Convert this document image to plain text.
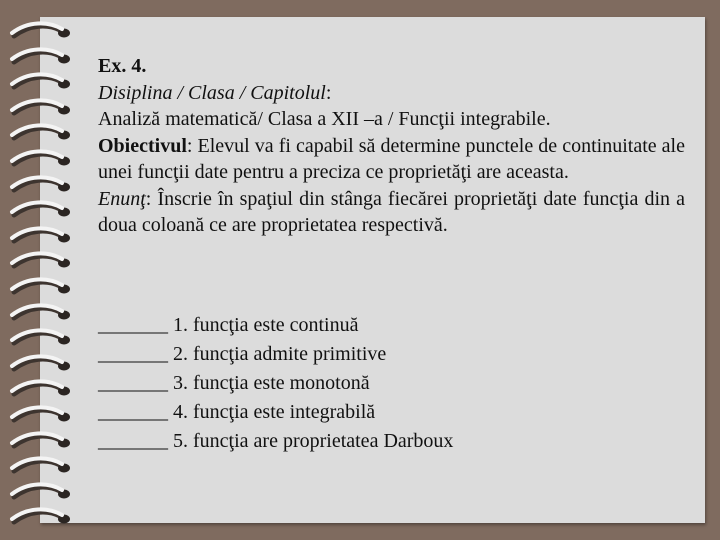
Ex. 4.

Disiplina / Clasa / Capitolul:

Analiză matematică/ Clasa a XII –a / Funcţii integrabile.

Obiectivul: Elevul va fi capabil să determine punctele de continuitate ale unei funcţii date pentru a preciza ce proprietăţi are aceasta.

Enunţ: Înscrie în spaţiul din stânga fiecărei proprietăţi date funcţia din a doua coloană ce are proprietatea respectivă.

_______ 1. funcţia este continuă
_______ 2. funcţia admite primitive
_______ 3. funcţia este monotonă
_______ 4. funcţia este integrabilă
_______ 5. funcţia are proprietatea Darboux
